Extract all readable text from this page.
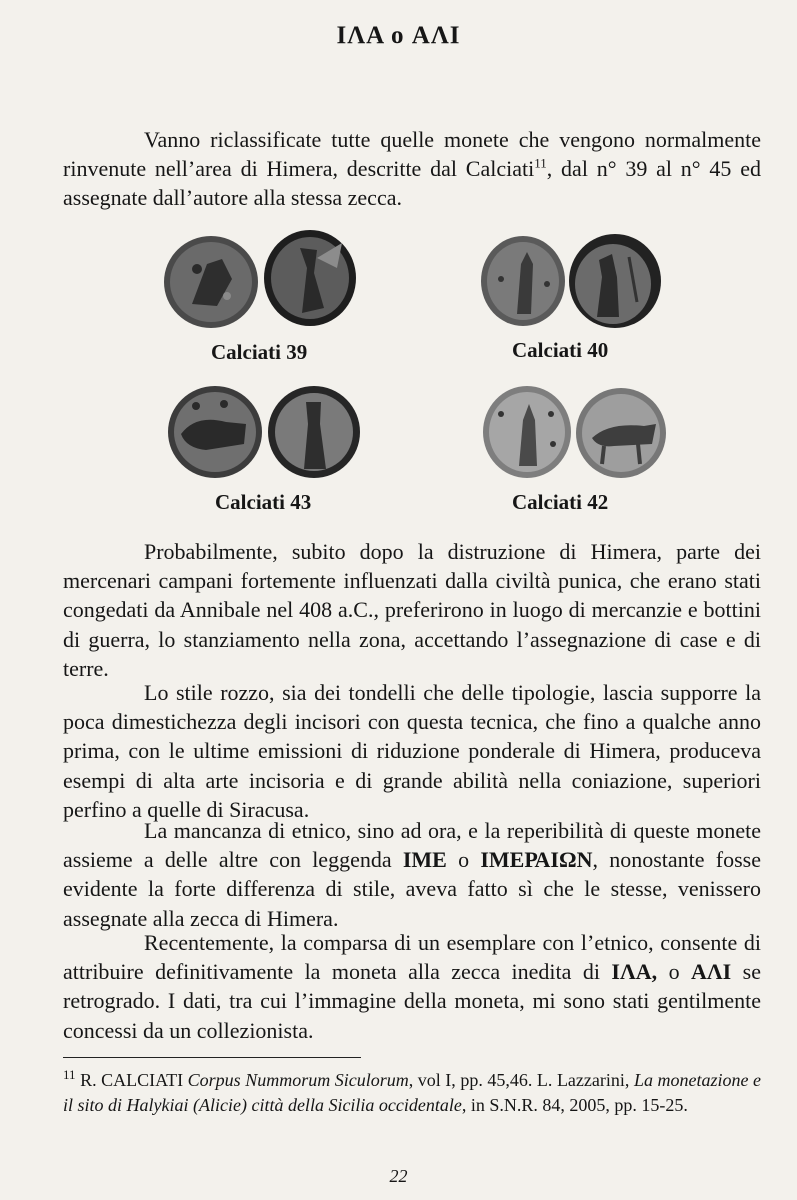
ΙΛΑ o ΑΛΙ

Vanno riclassificate tutte quelle monete che vengono normalmente rinvenute nell’area di Himera, descritte dal Calciati$^{11}$, dal n° 39 al n° 45 ed assegnate dall’autore alla stessa zecca.

Calciati 39	Calciati 40
Calciati 43	Calciati 42

Probabilmente, subito dopo la distruzione di Himera, parte dei mercenari campani fortemente influenzati dalla civiltà punica, che erano stati congedati da Annibale nel 408 a.C., preferirono in luogo di mercanzie e bottini di guerra, lo stanziamento nella zona, accettando l’assegnazione di case e di terre.

Lo stile rozzo, sia dei tondelli che delle tipologie, lascia supporre la poca dimestichezza degli incisori con questa tecnica, che fino a qualche anno prima, con le ultime emissioni di riduzione ponderale di Himera, produceva esempi di alta arte incisoria e di grande abilità nella coniazione, superiori perfino a quelle di Siracusa.

La mancanza di etnico, sino ad ora, e la reperibilità di queste monete assieme a delle altre con leggenda IME o ΙΜΕΡΑΙΩΝ, nonostante fosse evidente la forte differenza di stile, aveva fatto sì che le stesse, venissero assegnate alla zecca di Himera.

Recentemente, la comparsa di un esemplare con l’etnico, consente di attribuire definitivamente la moneta alla zecca inedita di ΙΛΑ, o ΑΛΙ se retrogrado. I dati, tra cui l’immagine della moneta, mi sono stati gentilmente concessi da un collezionista.

$^{11}$ R. CALCIATI Corpus Nummorum Siculorum, vol I, pp. 45,46. L. Lazzarini, La monetazione e il sito di Halykiai (Alicie) città della Sicilia occidentale, in S.N.R. 84, 2005, pp. 15-25.

22
